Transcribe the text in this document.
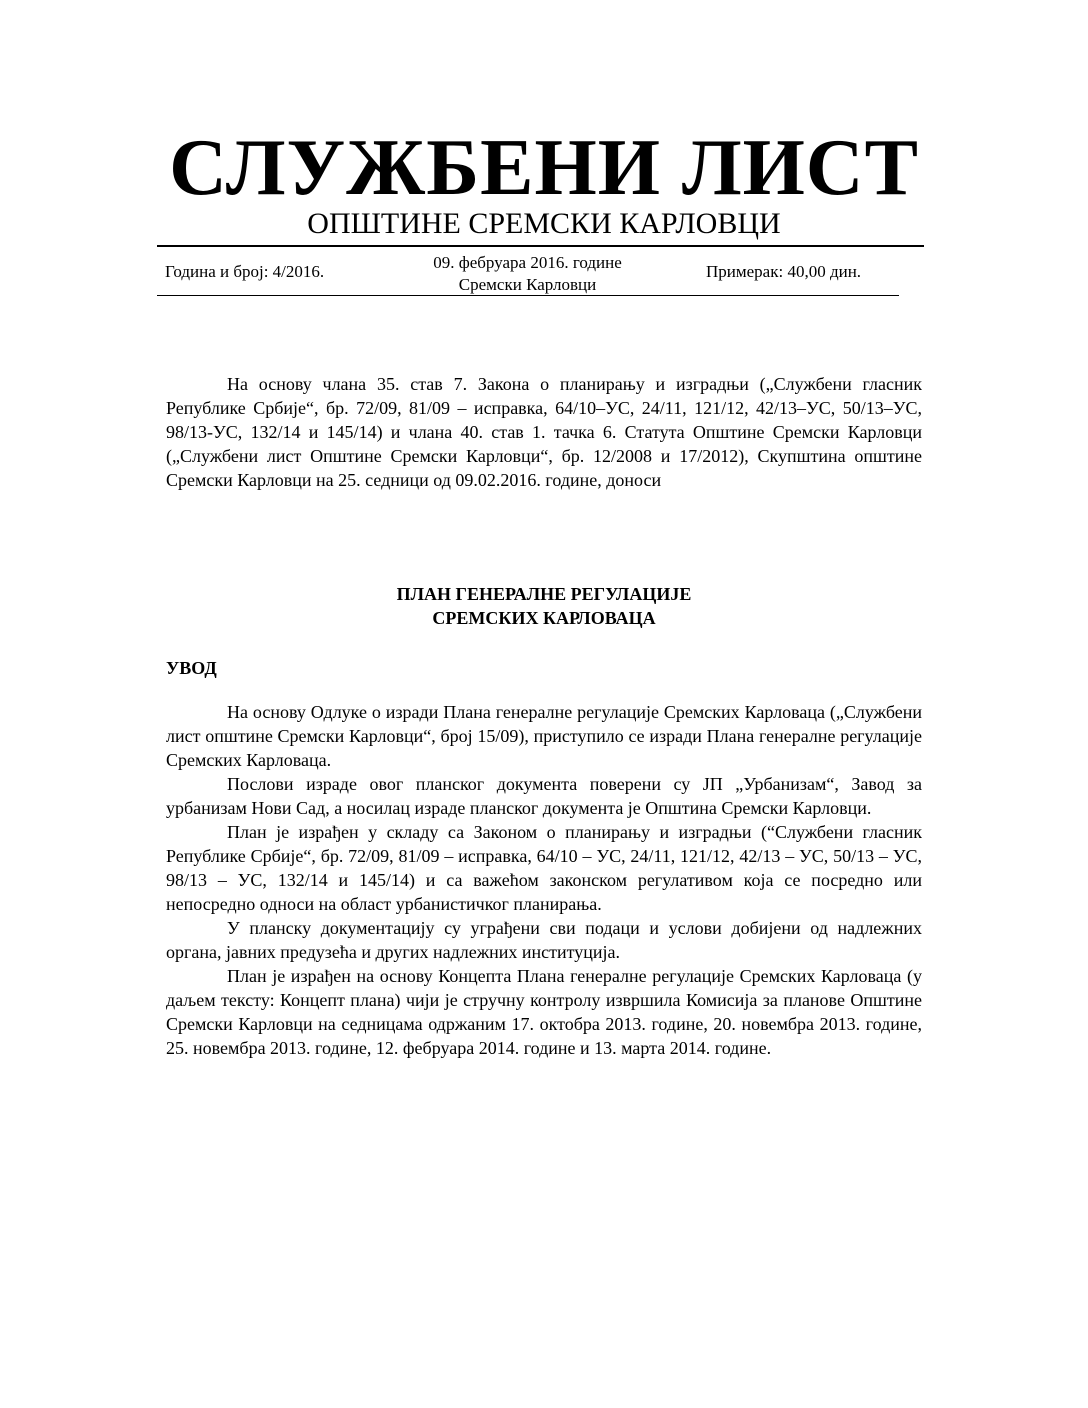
СЛУЖБЕНИ ЛИСТ
ОПШТИНЕ СРЕМСКИ КАРЛОВЦИ
Година и број: 4/2016.	09. фебруара 2016. године
Сремски Карловци
Примерак: 40,00 дин.

На основу члана 35. став 7. Закона о планирању и изградњи („Службени гласник Републике Србије“, бр. 72/09, 81/09 – исправка, 64/10–УС, 24/11, 121/12, 42/13–УС, 50/13–УС, 98/13-УС, 132/14 и 145/14) и члана 40. став 1. тачка 6. Статута Општине Сремски Карловци („Службени лист Општине Сремски Карловци“, бр. 12/2008 и 17/2012), Скупштина општине Сремски Карловци на 25. седници од 09.02.2016. године, доноси

ПЛАН ГЕНЕРАЛНЕ РЕГУЛАЦИЈЕ
СРЕМСКИХ КАРЛОВАЦА
УВОД

На основу Одлуке о изради Плана генералне регулације Сремских Карловаца („Службени лист општине Сремски Карловци“, број 15/09), приступило се изради Плана генералне регулације Сремских Карловаца.

Послови израде овог планског документа поверени су ЈП „Урбанизам“, Завод за урбанизам Нови Сад, а носилац израде планског документа је Општина Сремски Карловци.

План је израђен у складу са Законом о планирању и изградњи (“Службени гласник Републике Србије“, бр. 72/09, 81/09 – исправка, 64/10 – УС, 24/11, 121/12, 42/13 – УС, 50/13 – УС, 98/13 – УС, 132/14 и 145/14) и са важећом законском регулативом која се посредно или непосредно односи на област урбанистичког планирања.

У планску документацију су уграђени сви подаци и услови добијени од надлежних органа, јавних предузећа и других надлежних институција.

План је израђен на основу Концепта Плана генералне регулације Сремских Карловаца (у даљем тексту: Концепт плана) чији је стручну контролу извршила Комисија за планове Општине Сремски Карловци на седницама одржаним 17. октобра 2013. године, 20. новембра 2013. године, 25. новембра 2013. године, 12. фебруара 2014. године и 13. марта 2014. године.
